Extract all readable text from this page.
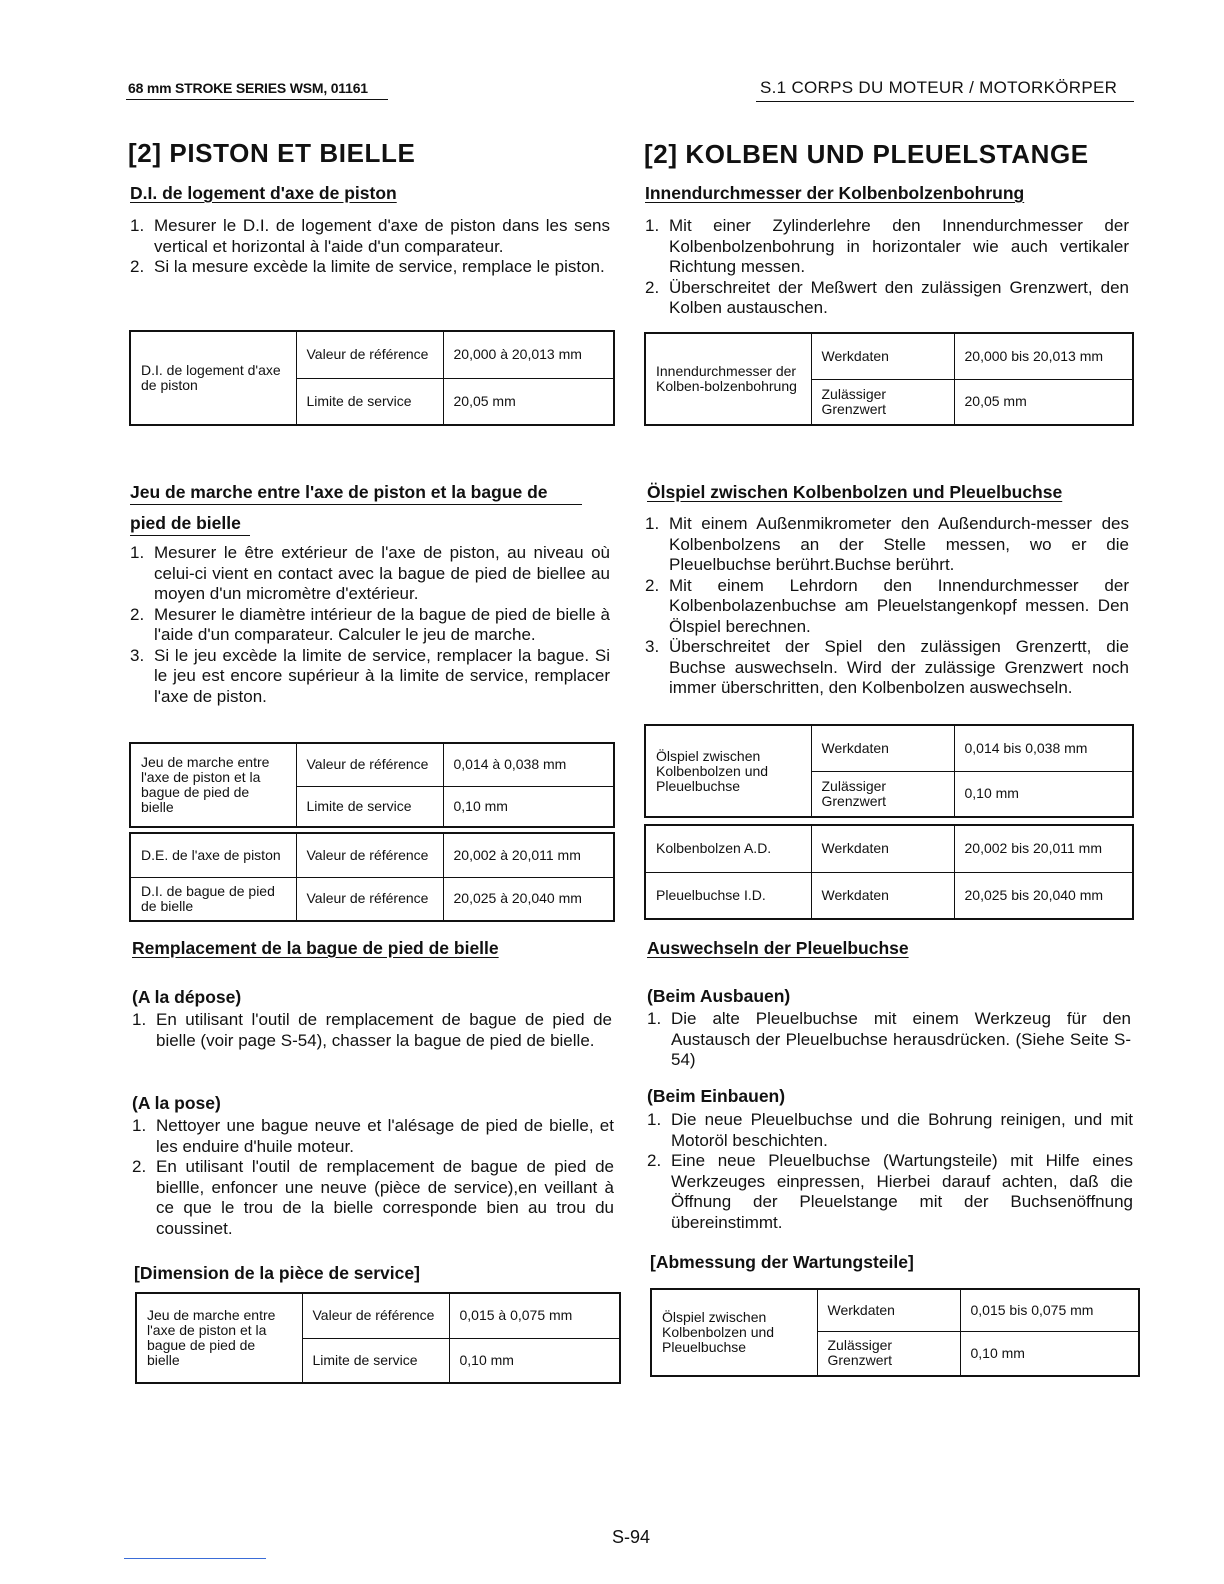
68 mm STROKE SERIES WSM, 01161	S.1 CORPS DU MOTEUR / MOTORKÖRPER
[2] PISTON ET BIELLE
D.I. de logement d'axe de piston
1. Mesurer le D.I. de logement d'axe de piston dans les sens vertical et horizontal à l'aide d'un comparateur.
2. Si la mesure excède la limite de service, remplace le piston.
D.I. de logement d'axe de piston	Valeur de référence	20,000 à 20,013 mm
	Limite de service	20,05 mm
Jeu de marche entre l'axe de piston et la bague de
pied de bielle
1. Mesurer le être extérieur de l'axe de piston, au niveau où celui-ci vient en contact avec la bague de pied de biellee au moyen d'un micromètre d'extérieur.
2. Mesurer le diamètre intérieur de la bague de pied de bielle à l'aide d'un comparateur. Calculer le jeu de marche.
3. Si le jeu excède la limite de service, remplacer la bague. Si le jeu est encore supérieur à la limite de service, remplacer l'axe de piston.
Jeu de marche entre l'axe de piston et la bague de pied de bielle	Valeur de référence	0,014 à 0,038 mm
	Limite de service	0,10 mm
D.E. de l'axe de piston	Valeur de référence	20,002 à 20,011 mm
D.I. de bague de pied de bielle	Valeur de référence	20,025 à 20,040 mm
Remplacement de la bague de pied de bielle
(A la dépose)
1. En utilisant l'outil de remplacement de bague de pied de bielle (voir page S-54), chasser la bague de pied de bielle.
(A la pose)
1. Nettoyer une bague neuve et l'alésage de pied de bielle, et les enduire d'huile moteur.
2. En utilisant l'outil de remplacement de bague de pied de biellle, enfoncer une neuve (pièce de service),en veillant à ce que le trou de la bielle corresponde bien au trou du coussinet.
[Dimension de la pièce de service]
Jeu de marche entre l'axe de piston et la bague de pied de bielle	Valeur de référence	0,015 à 0,075 mm
	Limite de service	0,10 mm
[2] KOLBEN UND PLEUELSTANGE
Innendurchmesser der Kolbenbolzenbohrung
1. Mit einer Zylinderlehre den Innendurchmesser der Kolbenbolzenbohrung in horizontaler wie auch vertikaler Richtung messen.
2. Überschreitet der Meßwert den zulässigen Grenzwert, den Kolben austauschen.
Innendurchmesser der Kolben-bolzenbohrung	Werkdaten	20,000 bis 20,013 mm
	Zulässiger Grenzwert	20,05 mm
Ölspiel zwischen Kolbenbolzen und Pleuelbuchse
1. Mit einem Außenmikrometer den Außendurch-messer des Kolbenbolzens an der Stelle messen, wo er die Pleuelbuchse berührt.Buchse berührt.
2. Mit einem Lehrdorn den Innendurchmesser der Kolbenbolazenbuchse am Pleuelstangenkopf messen. Den Ölspiel berechnen.
3. Überschreitet der Spiel den zulässigen Grenzertt, die Buchse auswechseln. Wird der zulässige Grenzwert noch immer überschritten, den Kolbenbolzen auswechseln.
Ölspiel zwischen Kolbenbolzen und Pleuelbuchse	Werkdaten	0,014 bis 0,038 mm
	Zulässiger Grenzwert	0,10 mm
Kolbenbolzen A.D.	Werkdaten	20,002 bis 20,011 mm
Pleuelbuchse I.D.	Werkdaten	20,025 bis 20,040 mm
Auswechseln der Pleuelbuchse
(Beim Ausbauen)
1. Die alte Pleuelbuchse mit einem Werkzeug für den Austausch der Pleuelbuchse herausdrücken. (Siehe Seite S-54)
(Beim Einbauen)
1. Die neue Pleuelbuchse und die Bohrung reinigen, und mit Motoröl beschichten.
2. Eine neue Pleuelbuchse (Wartungsteile) mit Hilfe eines Werkzeuges einpressen, Hierbei darauf achten, daß die Öffnung der Pleuelstange mit der Buchsenöffnung übereinstimmt.
[Abmessung der Wartungsteile]
Ölspiel zwischen Kolbenbolzen und Pleuelbuchse	Werkdaten	0,015 bis 0,075 mm
	Zulässiger Grenzwert	0,10 mm
S-94
